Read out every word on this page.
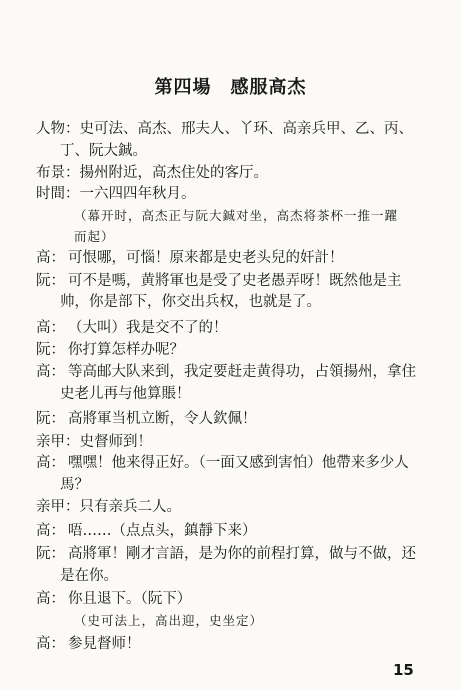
第四場　感服高杰
人物：史可法、高杰、邢夫人、丫环、高亲兵甲、乙、丙、
丁、阮大鋮。
布景：揚州附近，高杰住处的客厅。
时間：一六四四年秋月。
（幕开时，高杰正与阮大鋮对坐，高杰将茶杯一推一躍
而起）
高： 可恨哪，可惱！原来都是史老头兒的奸計！
阮： 可不是嗎，黄將軍也是受了史老愚弄呀！既然他是主
帅，你是部下，你交出兵权，也就是了。
高： （大叫）我是交不了的！
阮： 你打算怎样办呢？
高： 等高邮大队来到，我定要赶走黄得功，占領揚州，拿住
史老儿再与他算賬！
阮： 高將軍当机立断，令人欽佩！
亲甲：史督师到！
高： 嘿嘿！他来得正好。（一面又感到害怕）他帶来多少人
馬？
亲甲：只有亲兵二人。
高： 唔……（点点头，鎮靜下来）
阮： 高將軍！剛才言語，是为你的前程打算，做与不做，还
是在你。
高： 你且退下。（阮下）
（史可法上，高出迎，史坐定）
高： 参見督师！
15
